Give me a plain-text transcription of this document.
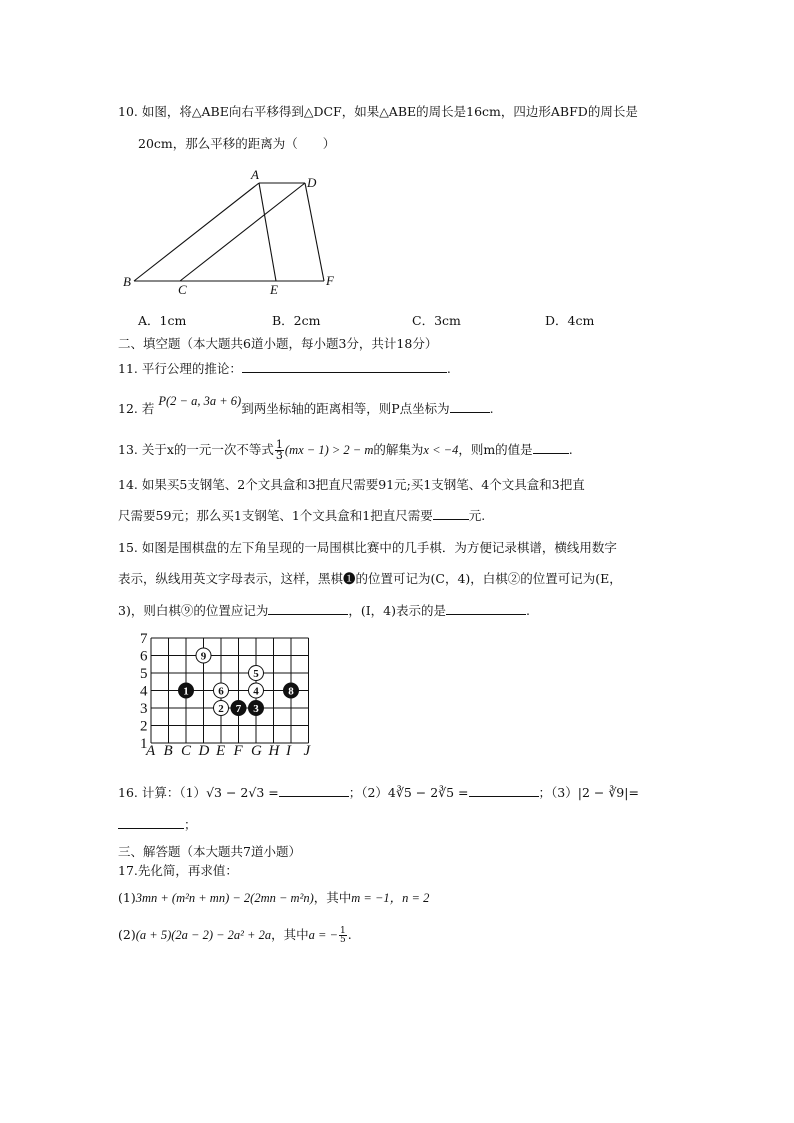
10. 如图，将△ABE向右平移得到△DCF，如果△ABE的周长是16cm，四边形ABFD的周长是
20cm，那么平移的距离为（　　）
A
D
B
C	E
F
A．1cm	B．2cm	C．3cm	D．4cm
二、填空题（本大题共6道小题，每小题3分，共计18分）
11. 平行公理的推论：	.
12. 若 P(2 − a, 3a + 6)到两坐标轴的距离相等，则P点坐标为	.
13. 关于x的一元一次不等式 $\frac{1}{3} (mx - 1) > 2 - m$的解集为x < −4，则m的值是	.
14. 如果买5支钢笔、2个文具盒和3把直尺需要91元;买1支钢笔、4个文具盒和3把直
尺需要59元；那么买1支钢笔、1个文具盒和1把直尺需要	元.
15. 如图是围棋盘的左下角呈现的一局围棋比赛中的几手棋．为方便记录棋谱，横线用数字
表示，纵线用英文字母表示，这样，黑棋❶的位置可记为(C，4)，白棋②的位置可记为(E，
3)，则白棋⑨的位置应记为	，(I，4)表示的是	.
1
2
3
4
5
6
7
A B C D E F G H I J
1
2	3
4
5
6
7
8
9
16. 计算：（1）√3 − 2√3 =	；（2）4∛5 − 2∛5 =	；（3）|2 − ∛9|=
；
三、解答题（本大题共7道小题）
17.先化简，再求值：
(1)3mn + (m²n + mn) − 2(2mn − m²n)，其中m = −1，n = 2
(2)(a + 5)(2a − 2) − 2a² + 2a，其中a = − $\frac{1}{5}$ .
